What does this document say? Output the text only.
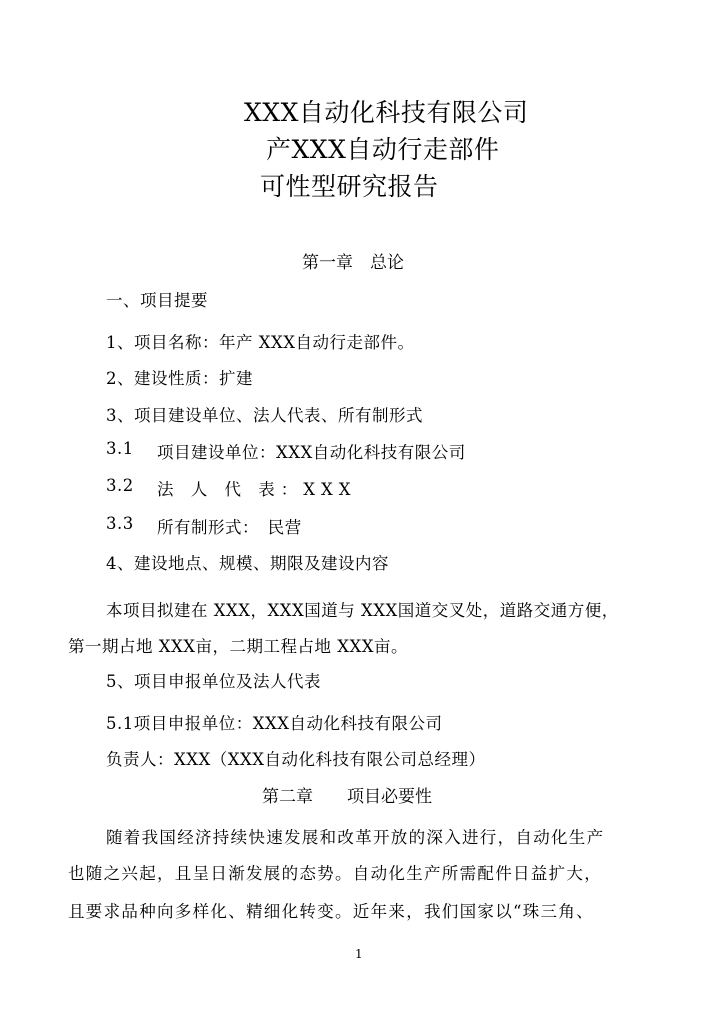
XXX自动化科技有限公司
产XXX自动行走部件
可性型研究报告
第一章　总论
一、项目提要
1、项目名称：年产 XXX自动行走部件。
2、建设性质：扩建
3、项目建设单位、法人代表、所有制形式
3.1 项目建设单位：XXX自动化科技有限公司
3.2 法 人 代 表：XXX
3.3 所有制形式：　民营
4、建设地点、规模、期限及建设内容
本项目拟建在 XXX，XXX国道与 XXX国道交叉处，道路交通方便，
第一期占地 XXX亩，二期工程占地 XXX亩。
5、项目申报单位及法人代表
5.1项目申报单位：XXX自动化科技有限公司
负责人：XXX（XXX自动化科技有限公司总经理）
第二章　　项目必要性
随着我国经济持续快速发展和改革开放的深入进行，自动化生产
也随之兴起，且呈日渐发展的态势。自动化生产所需配件日益扩大，
且要求品种向多样化、精细化转变。近年来，我们国家以“珠三角、
1
